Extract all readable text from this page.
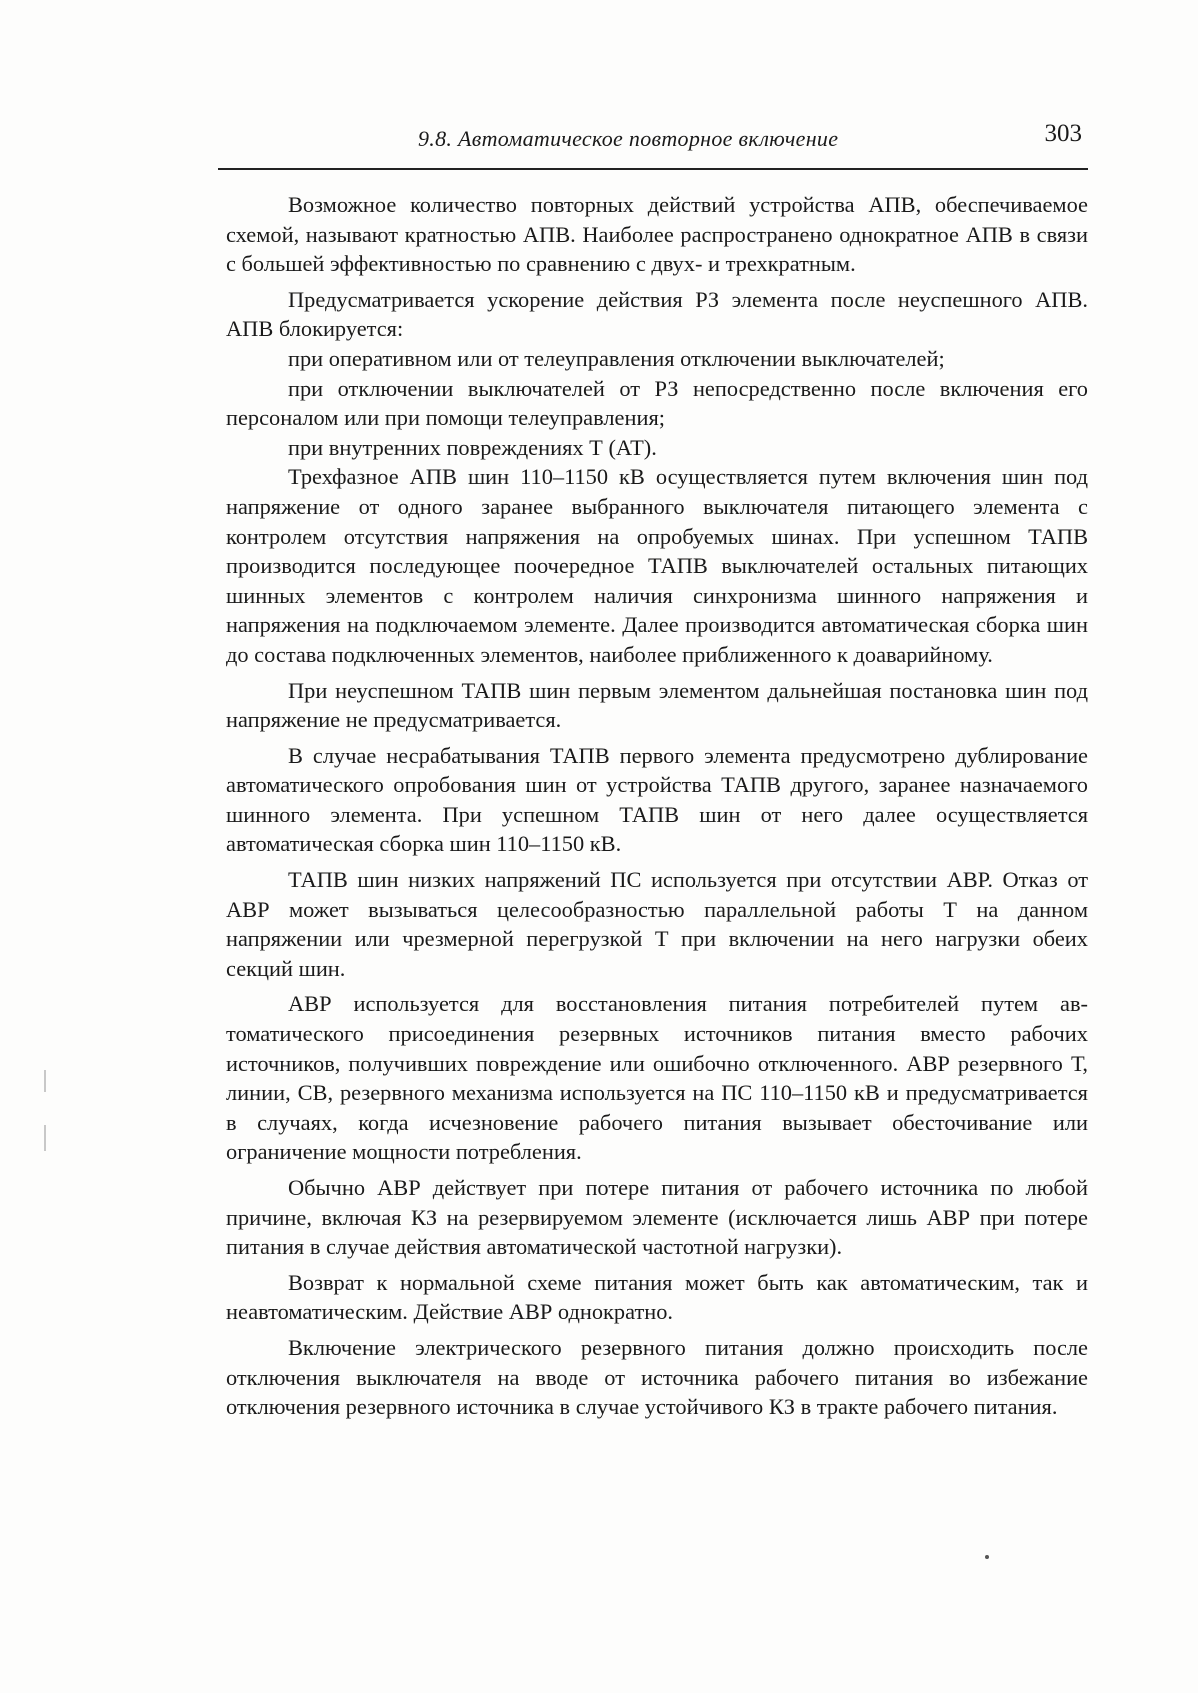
9.8. Автоматическое повторное включение	303

Возможное количество повторных действий устройства АПВ, обеспечиваемое схемой, называют кратностью АПВ. Наиболее распространено однократное АПВ в связи с большей эффективностью по сравнению с двух- и трехкратным.

Предусматривается ускорение действия РЗ элемента после неуспешного АПВ. АПВ блокируется:

при оперативном или от телеуправления отключении выключателей;

при отключении выключателей от РЗ непосредственно после включения его персоналом или при помощи телеуправления;

при внутренних повреждениях Т (АТ).

Трехфазное АПВ шин 110–1150 кВ осуществляется путем включения шин под напряжение от одного заранее выбранного выключателя питающего элемента с контролем отсутствия напряжения на опробуемых шинах. При успешном ТАПВ производится последующее поочередное ТАПВ выключателей остальных питающих шинных элементов с контролем наличия синхронизма шинного напряжения и напряжения на подключаемом элементе. Далее производится автоматическая сборка шин до состава подключенных элементов, наиболее приближенного к доаварийному.

При неуспешном ТАПВ шин первым элементом дальнейшая постановка шин под напряжение не предусматривается.

В случае несрабатывания ТАПВ первого элемента предусмотрено дублирование автоматического опробования шин от устройства ТАПВ другого, заранее назначаемого шинного элемента. При успешном ТАПВ шин от него далее осуществляется автоматическая сборка шин 110–1150 кВ.

ТАПВ шин низких напряжений ПС используется при отсутствии АВР. Отказ от АВР может вызываться целесообразностью параллельной работы Т на данном напряжении или чрезмерной перегрузкой Т при включении на него нагрузки обеих секций шин.

АВР используется для восстановления питания потребителей путем автоматического присоединения резервных источников питания вместо рабочих источников, получивших повреждение или ошибочно отключенного. АВР резервного Т, линии, СВ, резервного механизма используется на ПС 110–1150 кВ и предусматривается в случаях, когда исчезновение рабочего питания вызывает обесточивание или ограничение мощности потребления.

Обычно АВР действует при потере питания от рабочего источника по любой причине, включая КЗ на резервируемом элементе (исключается лишь АВР при потере питания в случае действия автоматической частотной нагрузки).

Возврат к нормальной схеме питания может быть как автоматическим, так и неавтоматическим. Действие АВР однократно.

Включение электрического резервного питания должно происходить после отключения выключателя на вводе от источника рабочего питания во избежание отключения резервного источника в случае устойчивого КЗ в тракте рабочего питания.
